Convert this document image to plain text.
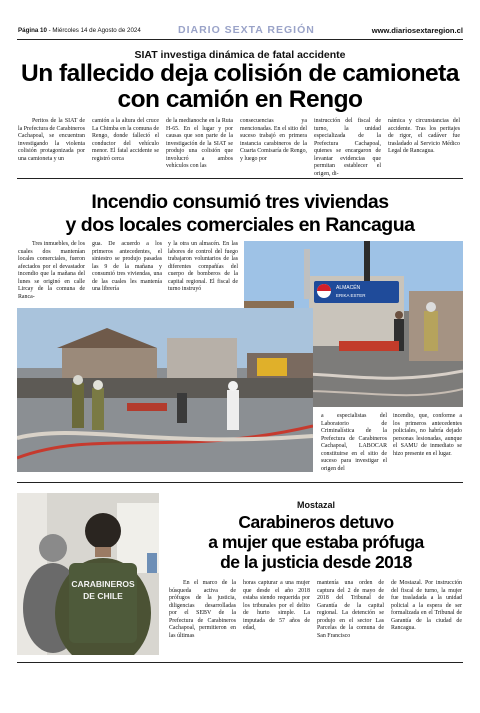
Página 10 - Miércoles 14 de Agosto de 2024	DIARIO SEXTA REGIÓN	www.diariosextaregion.cl
SIAT investiga dinámica de fatal accidente
Un fallecido deja colisión de camioneta
con camión en Rengo

Peritos de la SIAT de la Prefectura de Carabineros Cachapoal, se encuentran investigando la violenta colisión protagonizada por una camioneta y un

camión a la altura del cruce La Chimba en la comuna de Rengo, donde falleció el conductor del vehículo menor. El fatal accidente se registró cerca

de la medianoche en la Ruta H-65. En el lugar y por causas que son parte de la investigación de la SIAT se produjo una colisión que involucró a ambos vehículos con las

consecuencias ya mencionadas. En el sitio del suceso trabajó en primera instancia carabineros de la Cuarta Comisaría de Rengo, y luego por

instrucción del fiscal de turno, la unidad especializada de la Prefectura Cachapoal, quienes se encargaron de levantar evidencias que permitan establecer el origen, di-

námica y circunstancias del accidente. Tras los peritajes de rigor, el cadáver fue trasladado al Servicio Médico Legal de Rancagua.

Incendio consumió tres viviendas
y dos locales comerciales en Rancagua

Tres inmuebles, de los cuales dos mantenían locales comerciales, fueron afectados por el devastador incendio que la mañana del lunes se originó en calle Lircay de la comuna de Ranca-

gua. De acuerdo a los primeros antecedentes, el siniestro se produjo pasadas las 9 de la mañana y consumió tres viviendas, una de las cuales les mantenía una librería

y la otra un almacén. En las labores de control del fuego trabajaron voluntarios de las diferentes compañías del cuerpo de bomberos de la capital regional. El fiscal de turno instruyó	ALMACÉN
ERIKA ESTER

a especialistas del Laboratorio de Criminalística de la Prefectura de Carabineros Cachapoal, LABOCAR constituirse en el sitio de suceso para investigar el origen del

incendio, que, conforme a los primeros antecedentes policiales, no habría dejado personas lesionadas, aunque el SAMU de inmediato se hizo presente en el lugar.

CARABINEROS
DE CHILE
Mostazal
Carabineros detuvo
a mujer que estaba prófuga
de la justicia desde 2018

En el marco de la búsqueda activa de prófugos de la justicia, diligencias desarrolladas por el SEBV de la Prefectura de Carabineros Cachapoal, permitieron en las últimas

horas capturar a una mujer que desde el año 2018 estaba siendo requerida por los tribunales por el delito de hurto simple. La imputada de 57 años de edad,

mantenía una orden de captura del 2 de mayo de 2018 del Tribunal de Garantía de la capital regional. La detención se produjo en el sector Las Parcelas de la comuna de San Francisco

de Mostazal. Por instrucción del fiscal de turno, la mujer fue trasladada a la unidad policial a la espera de ser formalizada en el Tribunal de Garantía de la ciudad de Rancagua.
